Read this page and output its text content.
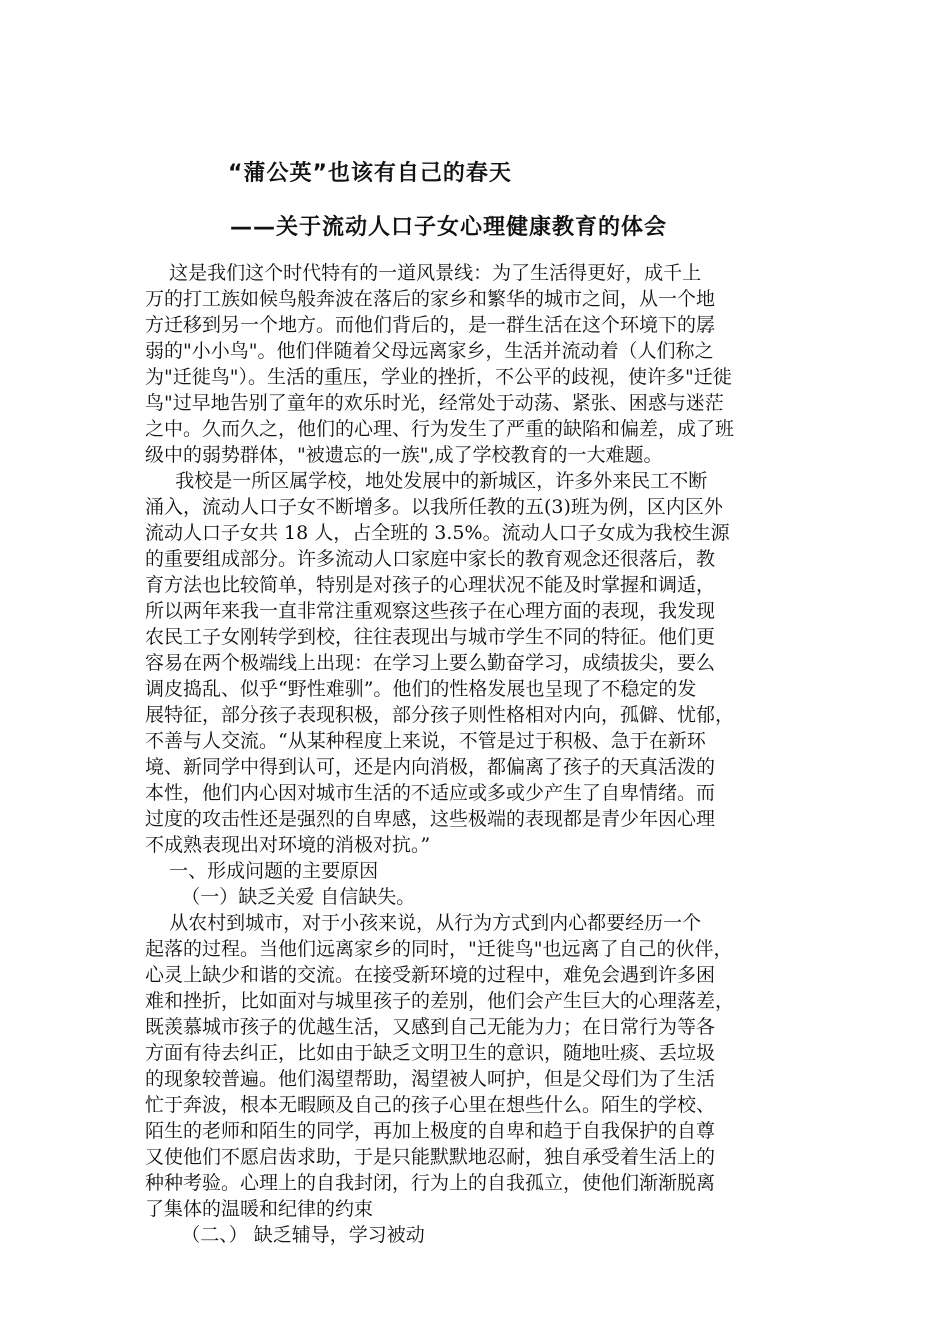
“蒲公英”也该有自己的春天
——关于流动人口子女心理健康教育的体会
这是我们这个时代特有的一道风景线：为了生活得更好，成千上
万的打工族如候鸟般奔波在落后的家乡和繁华的城市之间，从一个地
方迁移到另一个地方。而他们背后的，是一群生活在这个环境下的孱
弱的"小小鸟"。他们伴随着父母远离家乡，生活并流动着（人们称之
为"迁徙鸟"）。生活的重压，学业的挫折，不公平的歧视，使许多"迁徙
鸟"过早地告别了童年的欢乐时光，经常处于动荡、紧张、困惑与迷茫
之中。久而久之，他们的心理、行为发生了严重的缺陷和偏差，成了班
级中的弱势群体，"被遗忘的一族",成了学校教育的一大难题。
我校是一所区属学校，地处发展中的新城区，许多外来民工不断
涌入，流动人口子女不断增多。以我所任教的五(3)班为例，区内区外
流动人口子女共 18 人，占全班的 3.5%。流动人口子女成为我校生源
的重要组成部分。许多流动人口家庭中家长的教育观念还很落后，教
育方法也比较简单，特别是对孩子的心理状况不能及时掌握和调适，
所以两年来我一直非常注重观察这些孩子在心理方面的表现，我发现
农民工子女刚转学到校，往往表现出与城市学生不同的特征。他们更
容易在两个极端线上出现：在学习上要么勤奋学习，成绩拔尖，要么
调皮捣乱、似乎“野性难驯”。他们的性格发展也呈现了不稳定的发
展特征，部分孩子表现积极，部分孩子则性格相对内向，孤僻、忧郁，
不善与人交流。“从某种程度上来说，不管是过于积极、急于在新环
境、新同学中得到认可，还是内向消极，都偏离了孩子的天真活泼的
本性，他们内心因对城市生活的不适应或多或少产生了自卑情绪。而
过度的攻击性还是强烈的自卑感，这些极端的表现都是青少年因心理
不成熟表现出对环境的消极对抗。”
一、形成问题的主要原因
（一）缺乏关爱 自信缺失。
从农村到城市，对于小孩来说，从行为方式到内心都要经历一个
起落的过程。当他们远离家乡的同时，"迁徙鸟"也远离了自己的伙伴，
心灵上缺少和谐的交流。在接受新环境的过程中，难免会遇到许多困
难和挫折，比如面对与城里孩子的差别，他们会产生巨大的心理落差，
既羡慕城市孩子的优越生活，又感到自己无能为力；在日常行为等各
方面有待去纠正，比如由于缺乏文明卫生的意识，随地吐痰、丢垃圾
的现象较普遍。他们渴望帮助，渴望被人呵护，但是父母们为了生活
忙于奔波，根本无暇顾及自己的孩子心里在想些什么。陌生的学校、
陌生的老师和陌生的同学，再加上极度的自卑和趋于自我保护的自尊
又使他们不愿启齿求助，于是只能默默地忍耐，独自承受着生活上的
种种考验。心理上的自我封闭，行为上的自我孤立，使他们渐渐脱离
了集体的温暖和纪律的约束
（二、） 缺乏辅导，学习被动
